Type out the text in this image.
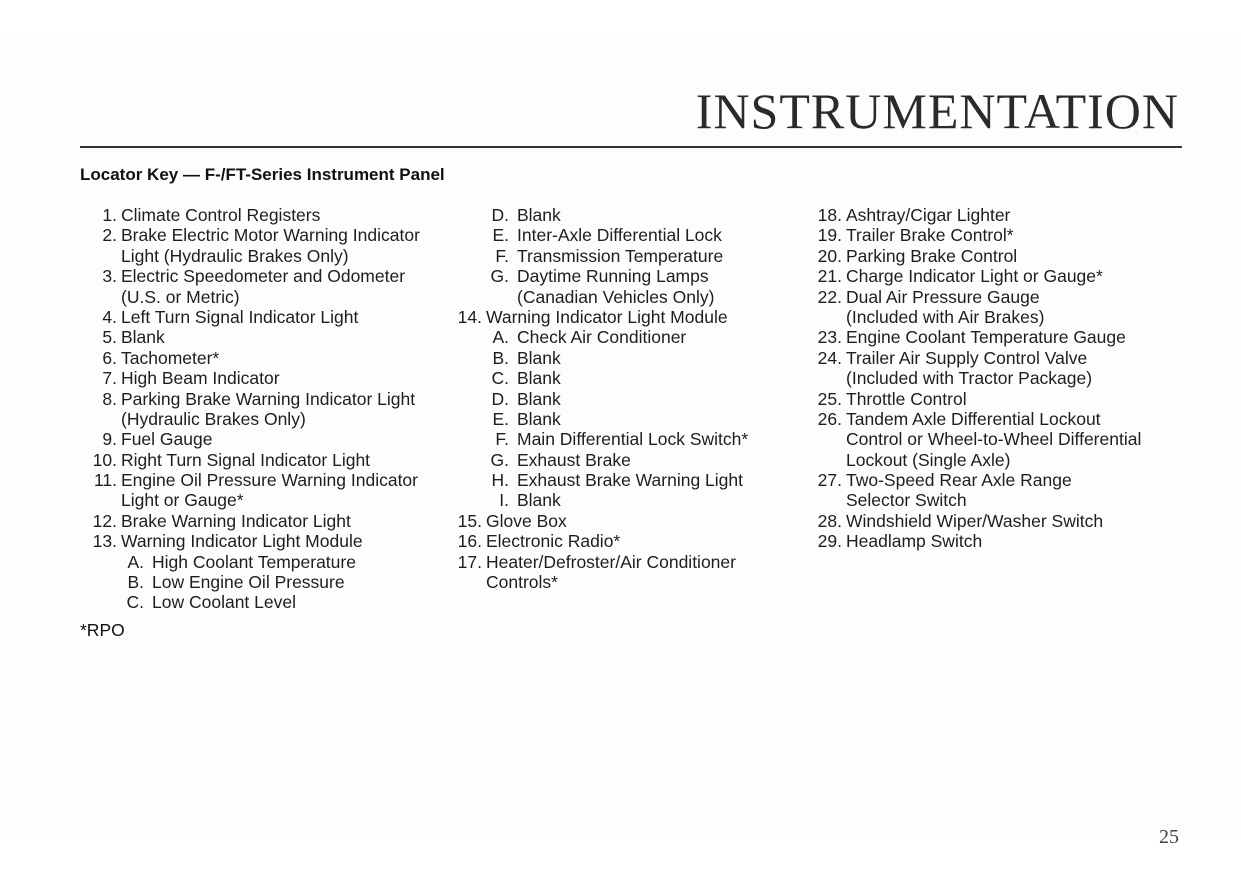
INSTRUMENTATION
Locator Key — F-/FT-Series Instrument Panel
1. Climate Control Registers
2. Brake Electric Motor Warning Indicator
Light (Hydraulic Brakes Only)
3. Electric Speedometer and Odometer
(U.S. or Metric)
4. Left Turn Signal Indicator Light
5. Blank
6. Tachometer*
7. High Beam Indicator
8. Parking Brake Warning Indicator Light
(Hydraulic Brakes Only)
9. Fuel Gauge
10. Right Turn Signal Indicator Light
11. Engine Oil Pressure Warning Indicator
Light or Gauge*
12. Brake Warning Indicator Light
13. Warning Indicator Light Module
A. High Coolant Temperature
B. Low Engine Oil Pressure
C. Low Coolant Level
D. Blank
E. Inter-Axle Differential Lock
F. Transmission Temperature
G. Daytime Running Lamps
(Canadian Vehicles Only)
14. Warning Indicator Light Module
A. Check Air Conditioner
B. Blank
C. Blank
D. Blank
E. Blank
F. Main Differential Lock Switch*
G. Exhaust Brake
H. Exhaust Brake Warning Light
I. Blank
15. Glove Box
16. Electronic Radio*
17. Heater/Defroster/Air Conditioner
Controls*
18. Ashtray/Cigar Lighter
19. Trailer Brake Control*
20. Parking Brake Control
21. Charge Indicator Light or Gauge*
22. Dual Air Pressure Gauge
(Included with Air Brakes)
23. Engine Coolant Temperature Gauge
24. Trailer Air Supply Control Valve
(Included with Tractor Package)
25. Throttle Control
26. Tandem Axle Differential Lockout
Control or Wheel-to-Wheel Differential
Lockout (Single Axle)
27. Two-Speed Rear Axle Range
Selector Switch
28. Windshield Wiper/Washer Switch
29. Headlamp Switch
*RPO
25
